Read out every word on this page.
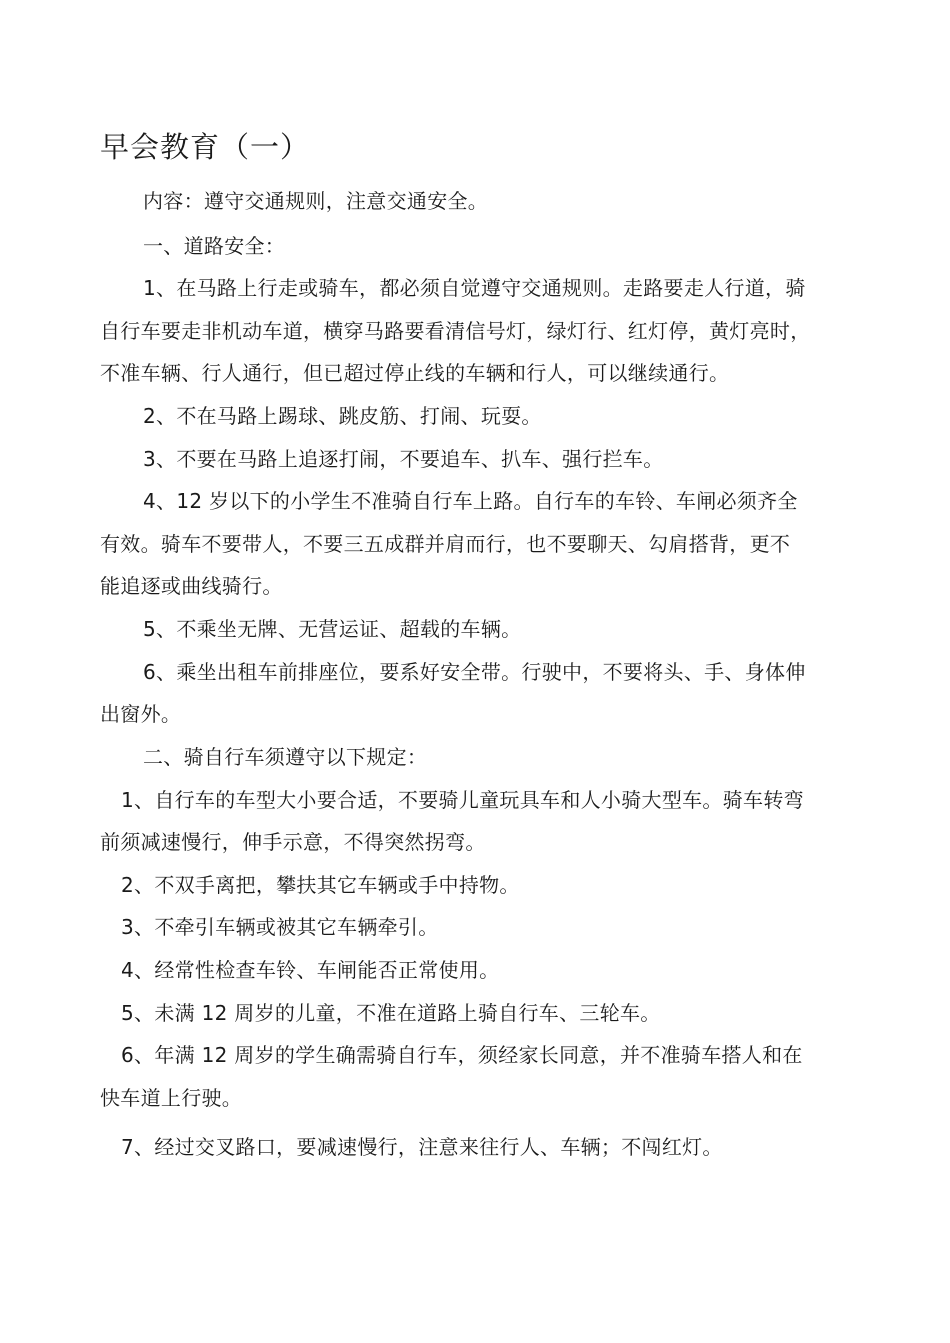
早会教育（一）
内容：遵守交通规则，注意交通安全。
一、道路安全：
1、在马路上行走或骑车，都必须自觉遵守交通规则。走路要走人行道，骑
自行车要走非机动车道，横穿马路要看清信号灯，绿灯行、红灯停，黄灯亮时，
不准车辆、行人通行，但已超过停止线的车辆和行人，可以继续通行。
2、不在马路上踢球、跳皮筋、打闹、玩耍。
3、不要在马路上追逐打闹，不要追车、扒车、强行拦车。
4、12 岁以下的小学生不准骑自行车上路。自行车的车铃、车闸必须齐全
有效。骑车不要带人，不要三五成群并肩而行，也不要聊天、勾肩搭背，更不
能追逐或曲线骑行。
5、不乘坐无牌、无营运证、超载的车辆。
6、乘坐出租车前排座位，要系好安全带。行驶中，不要将头、手、身体伸
出窗外。
二、骑自行车须遵守以下规定：
1、自行车的车型大小要合适，不要骑儿童玩具车和人小骑大型车。骑车转弯
前须减速慢行，伸手示意，不得突然拐弯。
2、不双手离把，攀扶其它车辆或手中持物。
3、不牵引车辆或被其它车辆牵引。
4、经常性检查车铃、车闸能否正常使用。
5、未满 12 周岁的儿童，不准在道路上骑自行车、三轮车。
6、年满 12 周岁的学生确需骑自行车，须经家长同意，并不准骑车搭人和在
快车道上行驶。
7、经过交叉路口，要减速慢行，注意来往行人、车辆；不闯红灯。
